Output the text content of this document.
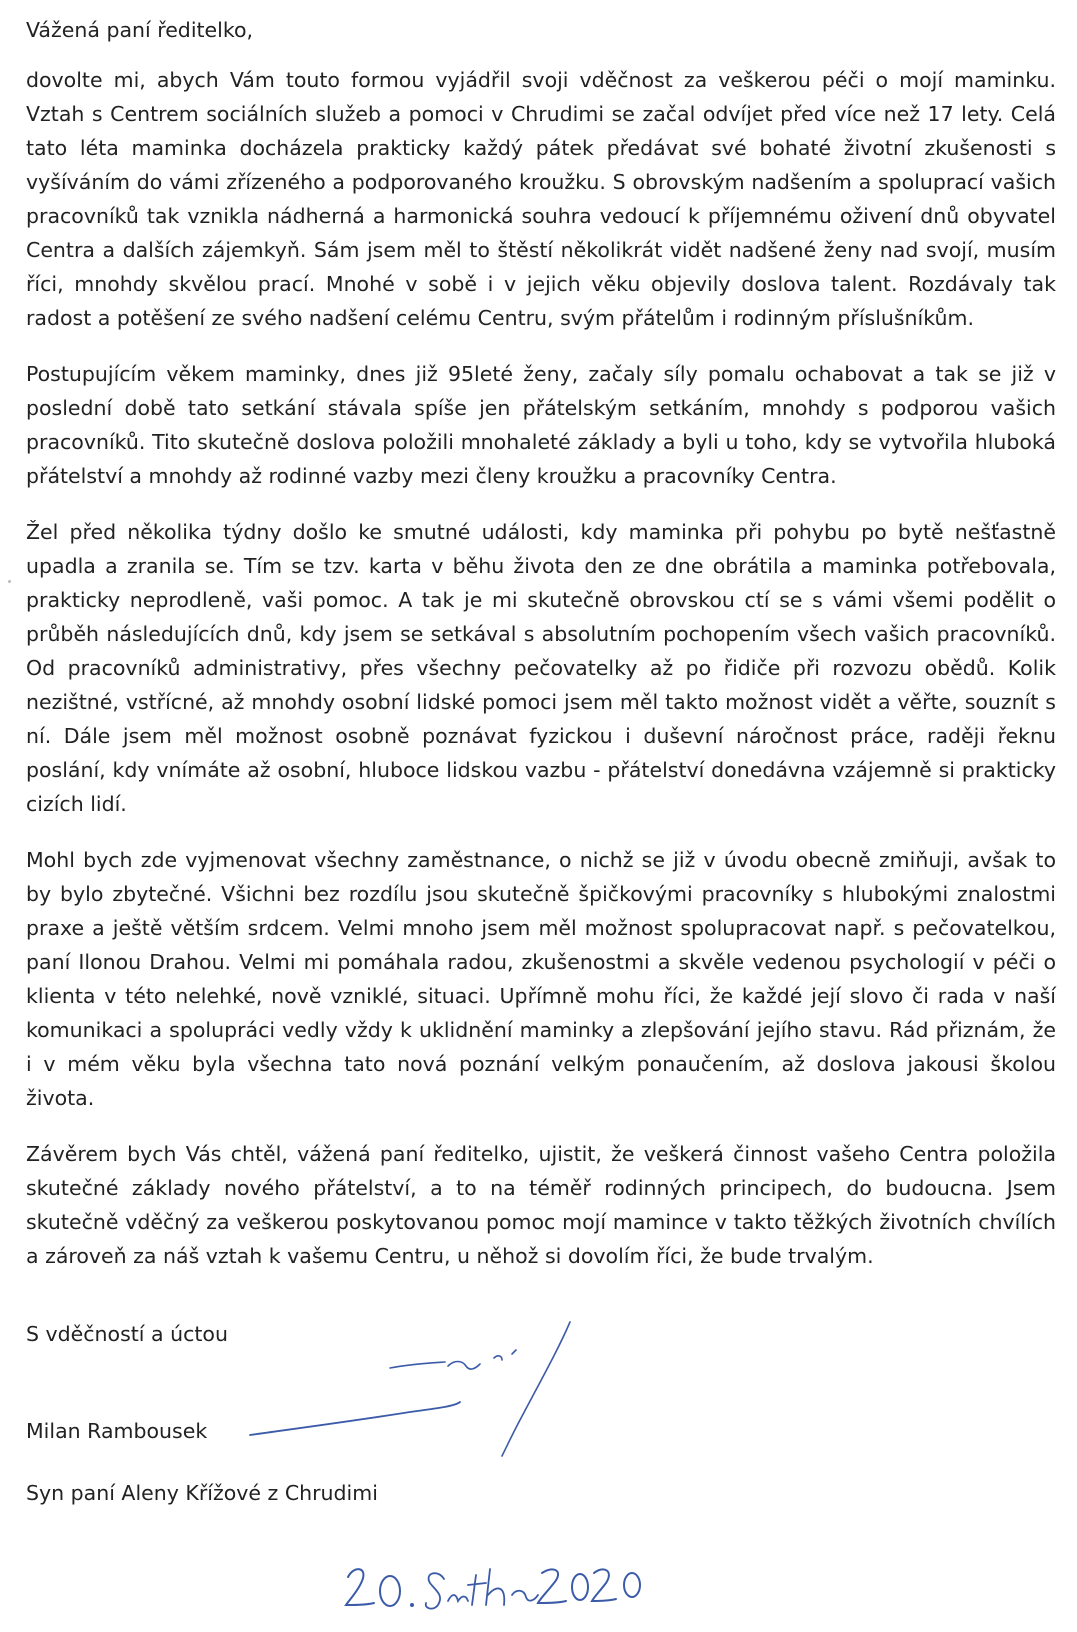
Vážená paní ředitelko,

dovolte mi, abych Vám touto formou vyjádřil svoji vděčnost za veškerou péči o mojí maminku. Vztah s Centrem sociálních služeb a pomoci v Chrudimi se začal odvíjet před více než 17 lety. Celá tato léta maminka docházela prakticky každý pátek předávat své bohaté životní zkušenosti s vyšíváním do vámi zřízeného a podporovaného kroužku. S obrovským nadšením a spoluprací vašich pracovníků tak vznikla nádherná a harmonická souhra vedoucí k příjemnému oživení dnů obyvatel Centra a dalších zájemkyň. Sám jsem měl to štěstí několikrát vidět nadšené ženy nad svojí, musím říci, mnohdy skvělou prací. Mnohé v sobě i v jejich věku objevily doslova talent. Rozdávaly tak radost a potěšení ze svého nadšení celému Centru, svým přátelům i rodinným příslušníkům.

Postupujícím věkem maminky, dnes již 95leté ženy, začaly síly pomalu ochabovat a tak se již v poslední době tato setkání stávala spíše jen přátelským setkáním, mnohdy s podporou vašich pracovníků. Tito skutečně doslova položili mnohaleté základy a byli u toho, kdy se vytvořila hluboká přátelství a mnohdy až rodinné vazby mezi členy kroužku a pracovníky Centra.

Žel před několika týdny došlo ke smutné události, kdy maminka při pohybu po bytě nešťastně upadla a zranila se. Tím se tzv. karta v běhu života den ze dne obrátila a maminka potřebovala, prakticky neprodleně, vaši pomoc. A tak je mi skutečně obrovskou ctí se s vámi všemi podělit o průběh následujících dnů, kdy jsem se setkával s absolutním pochopením všech vašich pracovníků. Od pracovníků administrativy, přes všechny pečovatelky až po řidiče při rozvozu obědů. Kolik nezištné, vstřícné, až mnohdy osobní lidské pomoci jsem měl takto možnost vidět a věřte, souznít s ní. Dále jsem měl možnost osobně poznávat fyzickou i duševní náročnost práce, raději řeknu poslání, kdy vnímáte až osobní, hluboce lidskou vazbu - přátelství donedávna vzájemně si prakticky cizích lidí.

Mohl bych zde vyjmenovat všechny zaměstnance, o nichž se již v úvodu obecně zmiňuji, avšak to by bylo zbytečné. Všichni bez rozdílu jsou skutečně špičkovými pracovníky s hlubokými znalostmi praxe a ještě větším srdcem. Velmi mnoho jsem měl možnost spolupracovat např. s pečovatelkou, paní Ilonou Drahou. Velmi mi pomáhala radou, zkušenostmi a skvěle vedenou psychologií v péči o klienta v této nelehké, nově vzniklé, situaci. Upřímně mohu říci, že každé její slovo či rada v naší komunikaci a spolupráci vedly vždy k uklidnění maminky a zlepšování jejího stavu. Rád přiznám, že i v mém věku byla všechna tato nová poznání velkým ponaučením, až doslova jakousi školou života.

Závěrem bych Vás chtěl, vážená paní ředitelko, ujistit, že veškerá činnost vašeho Centra položila skutečné základy nového přátelství, a to na téměř rodinných principech, do budoucna. Jsem skutečně vděčný za veškerou poskytovanou pomoc mojí mamince v takto těžkých životních chvílích a zároveň za náš vztah k vašemu Centru, u něhož si dovolím říci, že bude trvalým.

S vděčností a úctou
Milan Rambousek
Syn paní Aleny Křížové z Chrudimi
